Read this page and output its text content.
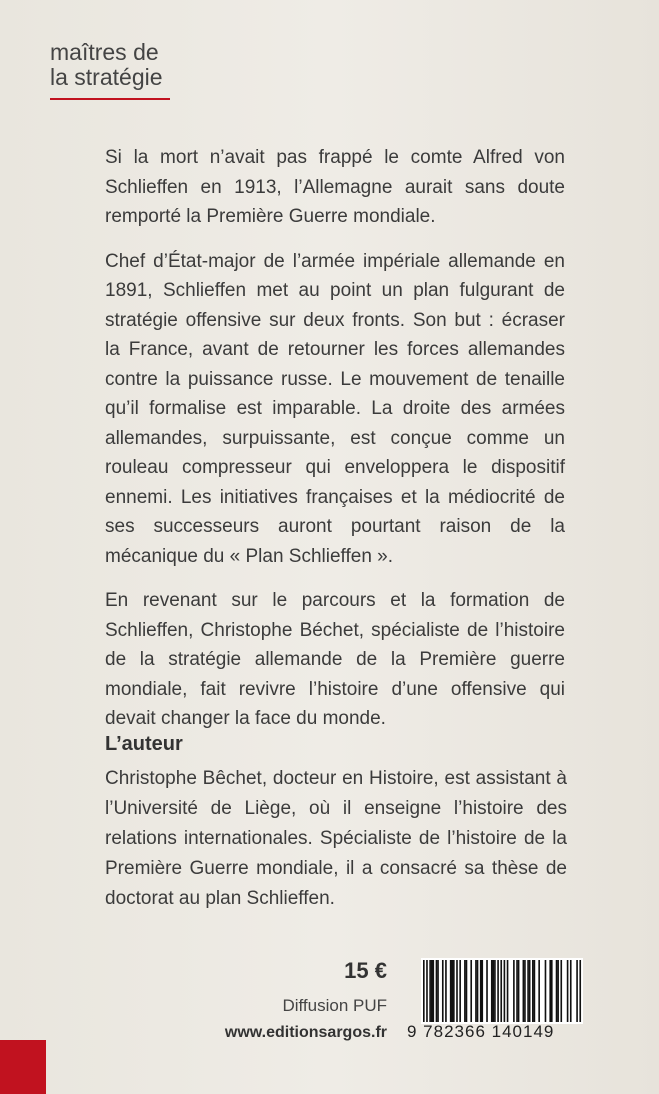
maîtres de
la stratégie

Si la mort n’avait pas frappé le comte Alfred von Schlieffen en 1913, l’Allemagne aurait sans doute remporté la Première Guerre mondiale.

Chef d’État-major de l’armée impériale allemande en 1891, Schlieffen met au point un plan fulgurant de stratégie offensive sur deux fronts. Son but : écraser la France, avant de retourner les forces allemandes contre la puissance russe. Le mouvement de tenaille qu’il formalise est imparable. La droite des armées allemandes, surpuissante, est conçue comme un rouleau compresseur qui enveloppera le dispositif ennemi. Les initiatives françaises et la médiocrité de ses successeurs auront pourtant raison de la mécanique du « Plan Schlieffen ».

En revenant sur le parcours et la formation de Schlieffen, Christophe Béchet, spécialiste de l’histoire de la stratégie allemande de la Première guerre mondiale, fait revivre l’histoire d’une offensive qui devait changer la face du monde.

L’auteur
Christophe Bêchet, docteur en Histoire, est assistant à l’Université de Liège, où il enseigne l’histoire des relations internationales. Spécialiste de l’histoire de la Première Guerre mondiale, il a consacré sa thèse de doctorat au plan Schlieffen.
15 €
Diffusion PUF
www.editionsargos.fr 9 782366 140149
